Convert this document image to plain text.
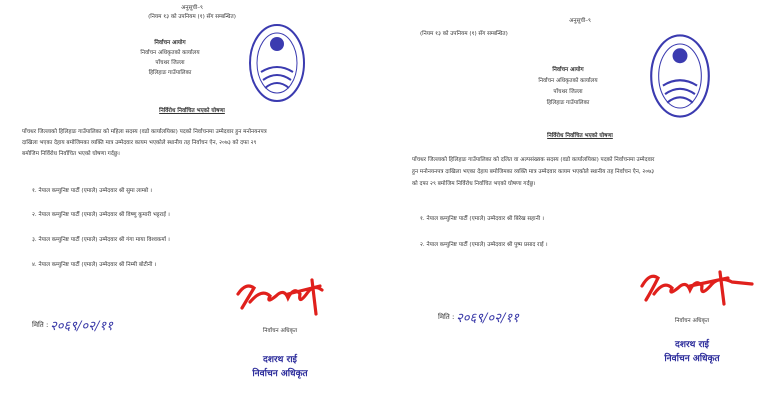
अनुसूची–९
(नियम १३ को उपनियम (१) सँग सम्बन्धित)
निर्वाचन आयोग
निर्वाचन अधिकृतको कार्यालय
पाँचथर जिल्ला
हिलिहाङ गाउँपालिका
निर्विरोध निर्वाचित भएको घोषणा
पाँचथर जिल्लाको हिलिहाङ गाउँपालिका को महिला सदस्य (वडो कार्यालयिका) पदको निर्वाचनमा उम्मेदवार हुन मनोनयनपत्र
दाखिला भएका देहाय बमोजिमका व्यक्ति मात्र उम्मेदवार कायम भएकोले स्थानीय तह निर्वाचन ऐन, २०७३ को दफा २९
बमोजिम निर्विरोध निर्वाचित भएको घोषणा गर्दछु।
१. नेपाल कम्युनिष्ट पार्टी (एमाले) उम्मेदवार श्री सुमा लाम्बाे ।
२. नेपाल कम्युनिष्ट पार्टी (एमाले) उम्मेदवार श्री विष्णु कुमारी भट्टराई ।
३. नेपाल कम्युनिष्ट पार्टी (एमाले) उम्मेदवार श्री गंगा माया विश्वकर्मा ।
४. नेपाल कम्युनिष्ट पार्टी (एमाले) उम्मेदवार श्री निम्मी बोटीनी ।
मिति : २०६९/०२/११	निर्वाचन अधिकृत
दशरथ राई
निर्वाचन अधिकृत
अनुसूची–९
(नियम १३ को उपनियम (१) सँग सम्बन्धित)
निर्वाचन आयोग
निर्वाचन अधिकृतको कार्यालय
पाँचथर जिल्ला
हिलिहाङ गाउँपालिका
निर्विरोध निर्वाचित भएको घोषणा
पाँचथर जिल्लाको हिलिहाङ गाउँपालिका को दलित वा अल्पसंख्यक सदस्य (वडो कार्यालयिका) पदको निर्वाचनमा उम्मेदवार
हुन मनोनयनपत्र दाखिला भएका देहाय बमोजिमका व्यक्ति मात्र उम्मेदवार कायम भएकोले स्थानीय तह निर्वाचन ऐन, २०७३
को दफा २९ बमोजिम निर्विरोध निर्वाचित भएको घोषणा गर्दछु।
१. नेपाल कम्युनिष्ट पार्टी (एमाले) उम्मेदवार श्री बिरेख सहानी ।
२. नेपाल कम्युनिष्ट पार्टी (एमाले) उम्मेदवार श्री पुष्प प्रसाद राई ।
मिति : २०६९/०२/११	निर्वाचन अधिकृत
दशरथ राई
निर्वाचन अधिकृत
